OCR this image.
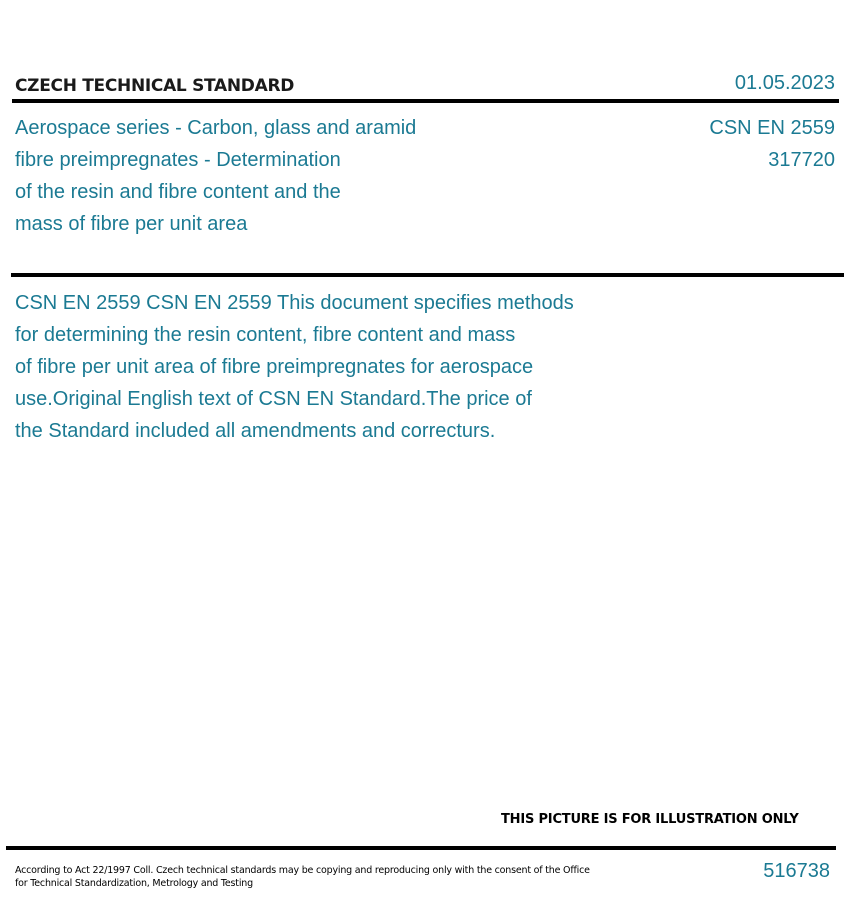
CZECH TECHNICAL STANDARD	01.05.2023
Aerospace series - Carbon, glass and aramid
fibre preimpregnates - Determination
of the resin and fibre content and the
mass of fibre per unit area
CSN EN 2559
317720
CSN EN 2559 CSN EN 2559 This document specifies methods
for determining the resin content, fibre content and mass
of fibre per unit area of fibre preimpregnates for aerospace
use.Original English text of CSN EN Standard.The price of
the Standard included all amendments and correcturs.
THIS PICTURE IS FOR ILLUSTRATION ONLY
According to Act 22/1997 Coll. Czech technical standards may be copying and reproducing only with the consent of the Office
for Technical Standardization, Metrology and Testing
516738
